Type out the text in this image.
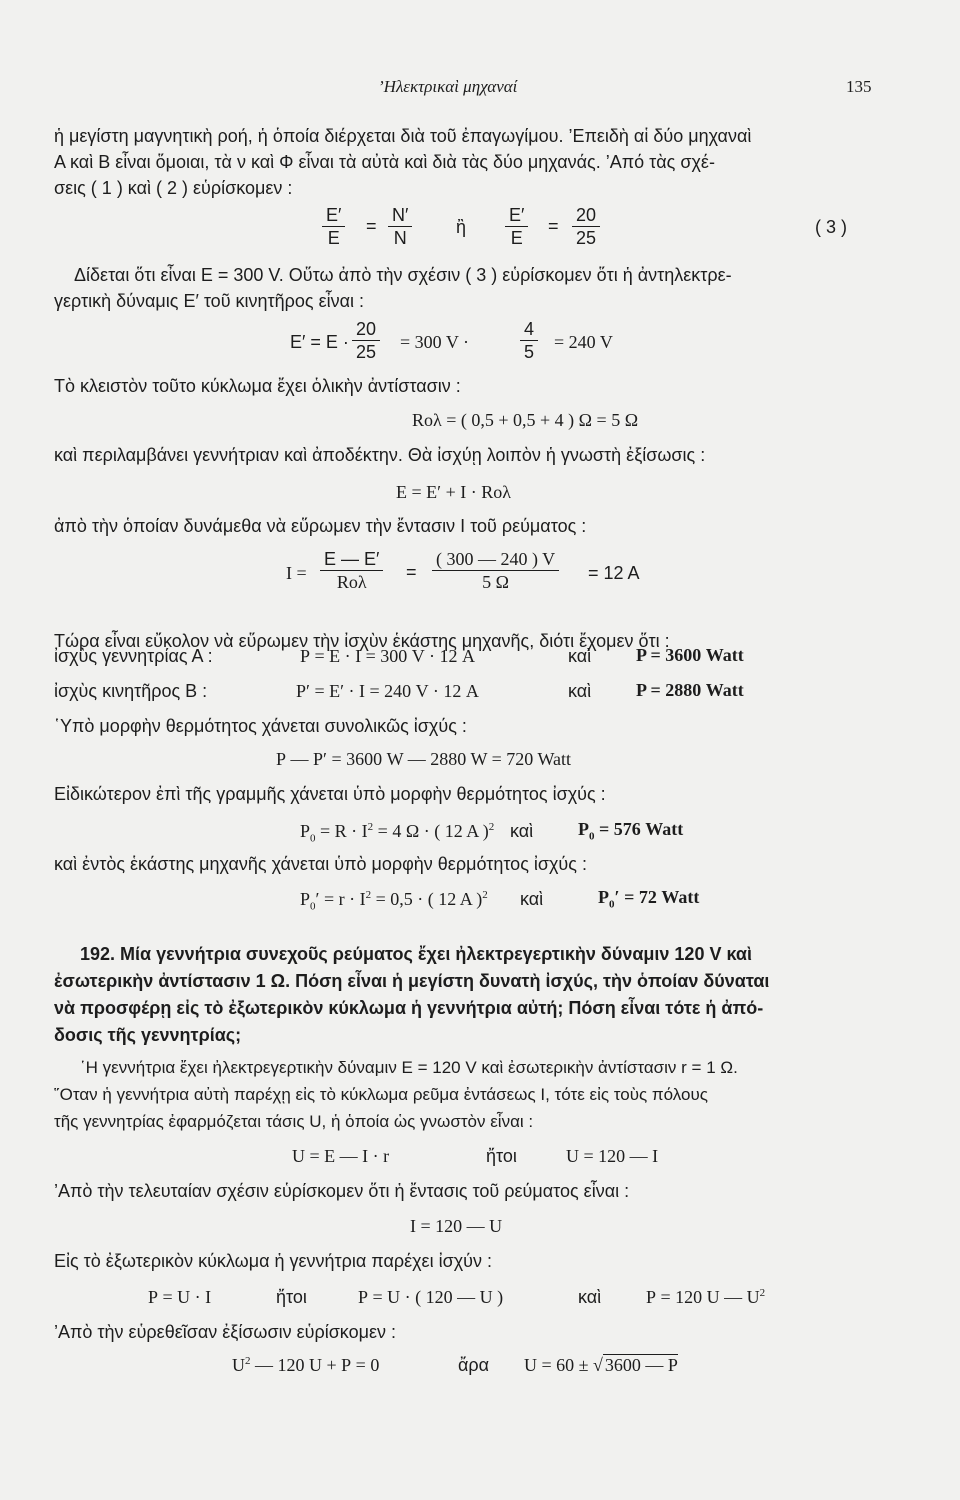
’Ηλεκτρικαὶ μηχαναί	135
ἡ μεγίστη μαγνητικὴ ροή, ἡ ὁποία διέρχεται διὰ τοῦ ἐπαγωγίμου. ’Επειδὴ αἱ δύο μηχαναὶ
Α καὶ Β εἶναι ὅμοιαι, τὰ ν καὶ Φ εἶναι τὰ αὐτὰ καὶ διὰ τὰς δύο μηχανάς. ’Από τὰς σχέ-
σεις ( 1 ) καὶ ( 2 ) εὑρίσκομεν :
$\frac{E'}{E} = \frac{N'}{N}$ ἢ $\frac{E'}{E} = \frac{20}{25}$	( 3 )
Δίδεται ὅτι εἶναι Ε = 300 V. Οὕτω ἀπὸ τὴν σχέσιν ( 3 ) εὑρίσκομεν ὅτι ἡ ἀντηλεκτρε-
γερτικὴ δύναμις Ε′ τοῦ κινητῆρος εἶναι :
$E' = E \cdot \frac{20}{25} = 300$ V ·	$\frac{4}{5} = 240$ V
Τὸ κλειστὸν τοῦτο κύκλωμα ἔχει ὁλικὴν ἀντίστασιν :
Rολ = ( 0,5 + 0,5 + 4 ) Ω = 5 Ω
καὶ περιλαμβάνει γεννήτριαν καὶ ἀποδέκτην. Θὰ ἰσχύῃ λοιπὸν ἡ γνωστὴ ἐξίσωσις :
Ε = Ε′ + Ι · Rολ
ἀπὸ τὴν ὁποίαν δυνάμεθα νὰ εὕρωμεν τὴν ἔντασιν Ι τοῦ ρεύματος :
Ι =
Ε — Ε′
Rολ	= $\frac{( 300 — 240 ) V}{5 \Omega} = 12$ Α
Τώρα εἶναι εὔκολον νὰ εὕρωμεν τὴν ἰσχὺν ἑκάστης μηχανῆς, διότι ἔχομεν ὅτι :
ἰσχὺς γεννητρίας Α :	Ρ = Ε · Ι = 300 V · 12 Α	καὶ Ρ = 3600 Watt
ἰσχὺς κινητῆρος Β :	Ρ′ = Ε′ · Ι = 240 V · 12 Α	καὶ Ρ = 2880 Watt
῾Υπὸ μορφὴν θερμότητος χάνεται συνολικῶς ἰσχύς :
Ρ — Ρ′ = 3600 W — 2880 W = 720 Watt
Εἰδικώτερον ἐπὶ τῆς γραμμῆς χάνεται ὑπὸ μορφὴν θερμότητος ἰσχύς :
$P_0 = R \cdot I^2 = 4$ Ω · ( 12 Α )$^2$ καὶ $P_0 = 576$ Watt
καὶ ἐντὸς ἑκάστης μηχανῆς χάνεται ὑπὸ μορφὴν θερμότητος ἰσχύς :
$P_0' = r \cdot I^2 = 0,5$ · ( 12 Α )$^2$ καὶ	$P_0' = 72$ Watt
192. Μία γεννήτρια συνεχοῦς ρεύματος ἔχει ἠλεκτρεγερτικὴν δύναμιν 120 V καὶ
ἐσωτερικὴν ἀντίστασιν 1 Ω. Πόση εἶναι ἡ μεγίστη δυνατὴ ἰσχύς, τὴν ὁποίαν δύναται
νὰ προσφέρῃ εἰς τὸ ἐξωτερικὸν κύκλωμα ἡ γεννήτρια αὐτή; Πόση εἶναι τότε ἡ ἀπό-
δοσις τῆς γεννητρίας;
῾Η γεννήτρια ἔχει ἠλεκτρεγερτικὴν δύναμιν Ε = 120 V καὶ ἐσωτερικὴν ἀντίστασιν r = 1 Ω.
῞Οταν ἡ γεννήτρια αὐτὴ παρέχῃ εἰς τὸ κύκλωμα ρεῦμα ἐντάσεως Ι, τότε εἰς τοὺς πόλους
τῆς γεννητρίας ἐφαρμόζεται τάσις U, ἡ ὁποία ὡς γνωστὸν εἶναι :
U = Ε — Ι · r	ἤτοι	U = 120 — Ι
’Απὸ τὴν τελευταίαν σχέσιν εὑρίσκομεν ὅτι ἡ ἔντασις τοῦ ρεύματος εἶναι :
Ι = 120 — U
Εἰς τὸ ἐξωτερικὸν κύκλωμα ἡ γεννήτρια παρέχει ἰσχύν :
Ρ = U · Ι	ἤτοι	Ρ = U · ( 120 — U )	καὶ Ρ = 120 U — $U^2$
’Απὸ τὴν εὑρεθεῖσαν ἐξίσωσιν εὑρίσκομεν :
$U^2$ — 120 U + Ρ = 0	ἄρα U = 60 ± √ 3600 — Ρ
